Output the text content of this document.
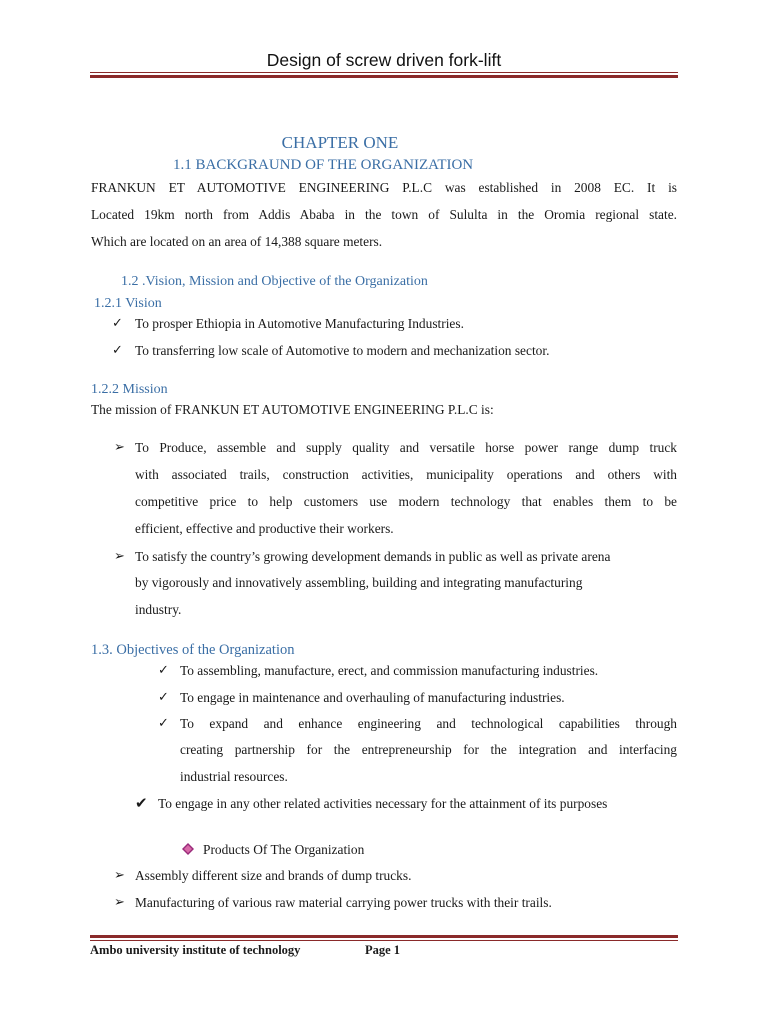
Design of screw driven fork-lift
CHAPTER ONE
1.1 BACKGRAUND OF THE ORGANIZATION
FRANKUN ET AUTOMOTIVE ENGINEERING P.L.C was established in 2008 EC. It is
Located 19km north from Addis Ababa in the town of Sululta in the Oromia regional state.
Which are located on an area of 14,388 square meters.
1.2 .Vision, Mission and Objective of the Organization
1.2.1 Vision
✓ To prosper Ethiopia in Automotive Manufacturing Industries.
✓ To transferring low scale of Automotive to modern and mechanization sector.
1.2.2 Mission
The mission of FRANKUN ET AUTOMOTIVE ENGINEERING P.L.C is:
➢ To Produce, assemble and supply quality and versatile horse power range dump truck
with associated trails, construction activities, municipality operations and others with
competitive price to help customers use modern technology that enables them to be
efficient, effective and productive their workers.
➢ To satisfy the country’s growing development demands in public as well as private arena
by vigorously and innovatively assembling, building and integrating manufacturing
industry.
1.3. Objectives of the Organization
✓ To assembling, manufacture, erect, and commission manufacturing industries.
✓ To engage in maintenance and overhauling of manufacturing industries.
✓ To expand and enhance engineering and technological capabilities through
creating partnership for the entrepreneurship for the integration and interfacing
industrial resources.
✔ To engage in any other related activities necessary for the attainment of its purposes
Products Of The Organization
➢ Assembly different size and brands of dump trucks.
➢ Manufacturing of various raw material carrying power trucks with their trails.
Ambo university institute of technology	Page 1
